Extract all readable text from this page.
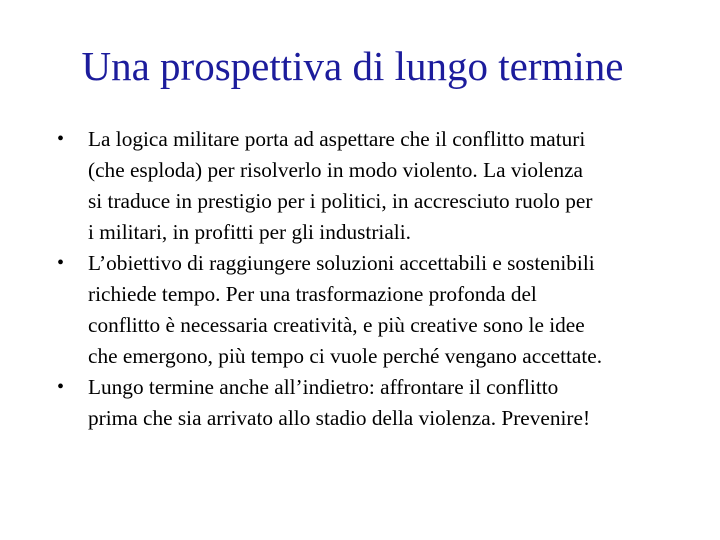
Una prospettiva di lungo termine
• La logica militare porta ad aspettare che il conflitto maturi
(che esploda) per risolverlo in modo violento. La violenza
si traduce in prestigio per i politici, in accresciuto ruolo per
i militari, in profitti per gli industriali.
• L’obiettivo di raggiungere soluzioni accettabili e sostenibili
richiede tempo. Per una trasformazione profonda del
conflitto è necessaria creatività, e più creative sono le idee
che emergono, più tempo ci vuole perché vengano accettate.
• Lungo termine anche all’indietro: affrontare il conflitto
prima che sia arrivato allo stadio della violenza. Prevenire!
